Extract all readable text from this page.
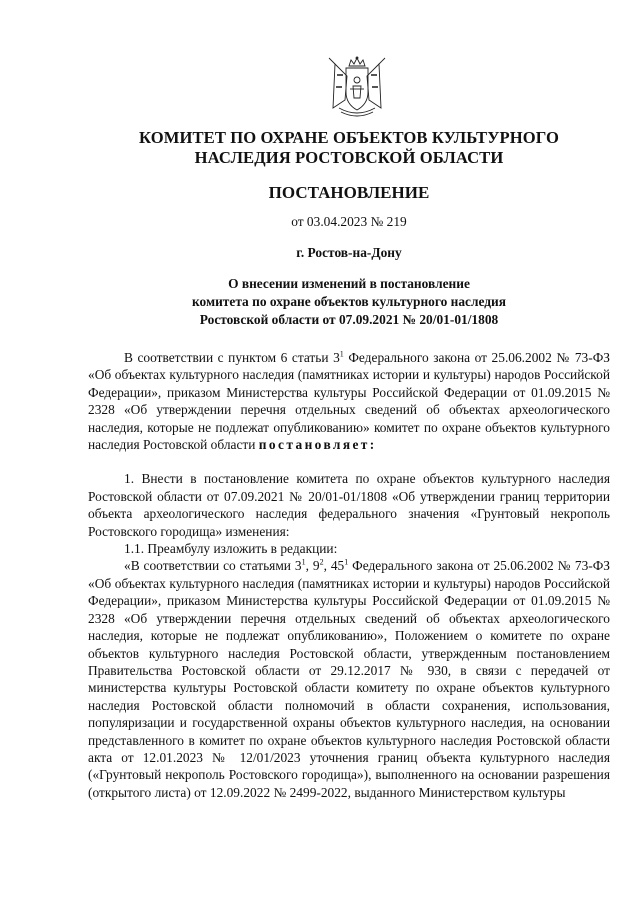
КОМИТЕТ ПО ОХРАНЕ ОБЪЕКТОВ КУЛЬТУРНОГО
НАСЛЕДИЯ РОСТОВСКОЙ ОБЛАСТИ
ПОСТАНОВЛЕНИЕ
от 03.04.2023 № 219
г. Ростов-на-Дону
О внесении изменений в постановление
комитета по охране объектов культурного наследия
Ростовской области от 07.09.2021 № 20/01-01/1808

В соответствии с пунктом 6 статьи $3^1$ Федерального закона от 25.06.2002 № 73-ФЗ «Об объектах культурного наследия (памятниках истории и культуры) народов Российской Федерации», приказом Министерства культуры Российской Федерации от 01.09.2015 № 2328 «Об утверждении перечня отдельных сведений об объектах археологического наследия, которые не подлежат опубликованию» комитет по охране объектов культурного наследия Ростовской области постановляет:

1. Внести в постановление комитета по охране объектов культурного наследия Ростовской области от 07.09.2021 № 20/01-01/1808 «Об утверждении границ территории объекта археологического наследия федерального значения «Грунтовый некрополь Ростовского городища» изменения:

1.1. Преамбулу изложить в редакции:

«В соответствии со статьями $3^1$, $9^2$, $45^1$ Федерального закона от 25.06.2002 № 73-ФЗ «Об объектах культурного наследия (памятниках истории и культуры) народов Российской Федерации», приказом Министерства культуры Российской Федерации от 01.09.2015 № 2328 «Об утверждении перечня отдельных сведений об объектах археологического наследия, которые не подлежат опубликованию», Положением о комитете по охране объектов культурного наследия Ростовской области, утвержденным постановлением Правительства Ростовской области от 29.12.2017 № 930, в связи с передачей от министерства культуры Ростовской области комитету по охране объектов культурного наследия Ростовской области полномочий в области сохранения, использования, популяризации и государственной охраны объектов культурного наследия, на основании представленного в комитет по охране объектов культурного наследия Ростовской области акта от 12.01.2023 № 12/01/2023 уточнения границ объекта культурного наследия («Грунтовый некрополь Ростовского городища»), выполненного на основании разрешения (открытого листа) от 12.09.2022 № 2499-2022, выданного Министерством культуры
